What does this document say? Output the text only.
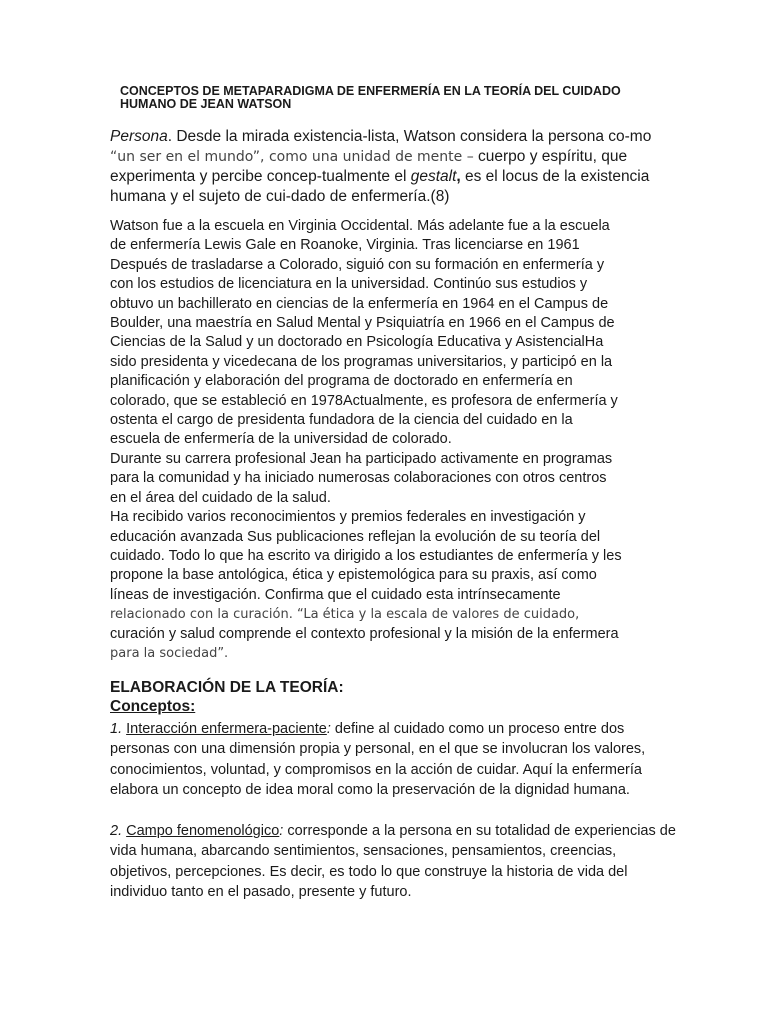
CONCEPTOS DE METAPARADIGMA DE ENFERMERÍA EN LA TEORÍA DEL CUIDADO
HUMANO DE JEAN WATSON

Persona. Desde la mirada existencia-lista, Watson considera la persona co-mo
“un ser en el mundo”, como una unidad de mente – cuerpo y espíritu, que experimenta y percibe concep-tualmente el gestalt, es el locus de la existencia humana y el sujeto de cui-dado de enfermería.(8)

Watson fue a la escuela en Virginia Occidental. Más adelante fue a la escuela
de enfermería Lewis Gale en Roanoke, Virginia. Tras licenciarse en 1961
Después de trasladarse a Colorado, siguió con su formación en enfermería y
con los estudios de licenciatura en la universidad. Continúo sus estudios y
obtuvo un bachillerato en ciencias de la enfermería en 1964 en el Campus de
Boulder, una maestría en Salud Mental y Psiquiatría en 1966 en el Campus de
Ciencias de la Salud y un doctorado en Psicología Educativa y AsistencialHa
sido presidenta y vicedecana de los programas universitarios, y participó en la
planificación y elaboración del programa de doctorado en enfermería en
colorado, que se estableció en 1978Actualmente, es profesora de enfermería y
ostenta el cargo de presidenta fundadora de la ciencia del cuidado en la
escuela de enfermería de la universidad de colorado.
Durante su carrera profesional Jean ha participado activamente en programas
para la comunidad y ha iniciado numerosas colaboraciones con otros centros
en el área del cuidado de la salud.
Ha recibido varios reconocimientos y premios federales en investigación y
educación avanzada Sus publicaciones reflejan la evolución de su teoría del
cuidado. Todo lo que ha escrito va dirigido a los estudiantes de enfermería y les
propone la base antológica, ética y epistemológica para su praxis, así como
líneas de investigación. Confirma que el cuidado esta intrínsecamente
relacionado con la curación. “La ética y la escala de valores de cuidado,
curación y salud comprende el contexto profesional y la misión de la enfermera
para la sociedad”.
ELABORACIÓN DE LA TEORÍA:
Conceptos:

1. Interacción enfermera-paciente: define al cuidado como un proceso entre dos personas con una dimensión propia y personal, en el que se involucran los valores, conocimientos, voluntad, y compromisos en la acción de cuidar. Aquí la enfermería elabora un concepto de idea moral como la preservación de la dignidad humana.

2. Campo fenomenológico: corresponde a la persona en su totalidad de experiencias de vida humana, abarcando sentimientos, sensaciones, pensamientos, creencias, objetivos, percepciones. Es decir, es todo lo que construye la historia de vida del individuo tanto en el pasado, presente y futuro.
